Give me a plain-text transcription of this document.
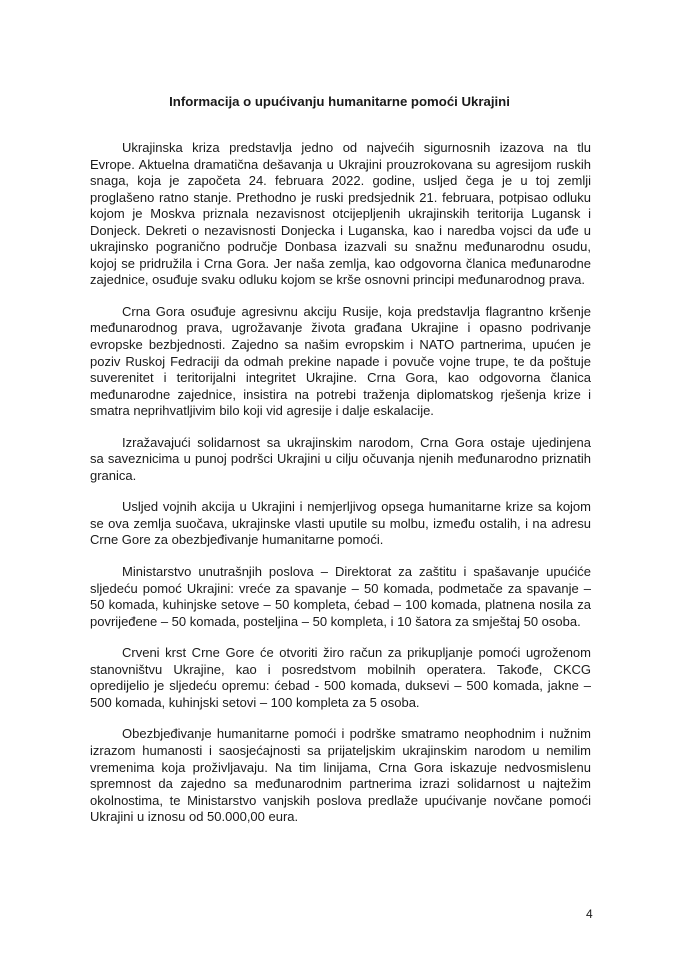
Informacija o upućivanju humanitarne pomoći Ukrajini
Ukrajinska kriza predstavlja jedno od najvećih sigurnosnih izazova na tlu
Evrope. Aktuelna dramatična dešavanja u Ukrajini prouzrokovana su agresijom ruskih
snaga, koja je započeta 24. februara 2022. godine, usljed čega je u toj zemlji
proglašeno ratno stanje. Prethodno je ruski predsjednik 21. februara, potpisao odluku
kojom je Moskva priznala nezavisnost otcijepljenih ukrajinskih teritorija Lugansk i
Donjeck. Dekreti o nezavisnosti Donjecka i Luganska, kao i naredba vojsci da uđe u
ukrajinsko pogranično područje Donbasa izazvali su snažnu međunarodnu osudu,
kojoj se pridružila i Crna Gora. Jer naša zemlja, kao odgovorna članica međunarodne
zajednice, osuđuje svaku odluku kojom se krše osnovni principi međunarodnog prava.
Crna Gora osuđuje agresivnu akciju Rusije, koja predstavlja flagrantno kršenje
međunarodnog prava, ugrožavanje života građana Ukrajine i opasno podrivanje
evropske bezbjednosti. Zajedno sa našim evropskim i NATO partnerima, upućen je
poziv Ruskoj Fedraciji da odmah prekine napade i povuče vojne trupe, te da poštuje
suverenitet i teritorijalni integritet Ukrajine. Crna Gora, kao odgovorna članica
međunarodne zajednice, insistira na potrebi traženja diplomatskog rješenja krize i
smatra neprihvatljivim bilo koji vid agresije i dalje eskalacije.
Izražavajući solidarnost sa ukrajinskim narodom, Crna Gora ostaje ujedinjena
sa saveznicima u punoj podršci Ukrajini u cilju očuvanja njenih međunarodno priznatih
granica.
Usljed vojnih akcija u Ukrajini i nemjerljivog opsega humanitarne krize sa kojom
se ova zemlja suočava, ukrajinske vlasti uputile su molbu, između ostalih, i na adresu
Crne Gore za obezbjeđivanje humanitarne pomoći.
Ministarstvo unutrašnjih poslova – Direktorat za zaštitu i spašavanje upućiće
sljedeću pomoć Ukrajini: vreće za spavanje – 50 komada, podmetače za spavanje –
50 komada, kuhinjske setove – 50 kompleta, ćebad – 100 komada, platnena nosila za
povrijeđene – 50 komada, posteljina – 50 kompleta, i 10 šatora za smještaj 50 osoba.
Crveni krst Crne Gore će otvoriti žiro račun za prikupljanje pomoći ugroženom
stanovništvu Ukrajine, kao i posredstvom mobilnih operatera. Takođe, CKCG
opredijelio je sljedeću opremu: ćebad - 500 komada, duksevi – 500 komada, jakne –
500 komada, kuhinjski setovi – 100 kompleta za 5 osoba.
Obezbjeđivanje humanitarne pomoći i podrške smatramo neophodnim i nužnim
izrazom humanosti i saosjećajnosti sa prijateljskim ukrajinskim narodom u nemilim
vremenima koja proživljavaju. Na tim linijama, Crna Gora iskazuje nedvosmislenu
spremnost da zajedno sa međunarodnim partnerima izrazi solidarnost u najtežim
okolnostima, te Ministarstvo vanjskih poslova predlaže upućivanje novčane pomoći
Ukrajini u iznosu od 50.000,00 eura.
4
